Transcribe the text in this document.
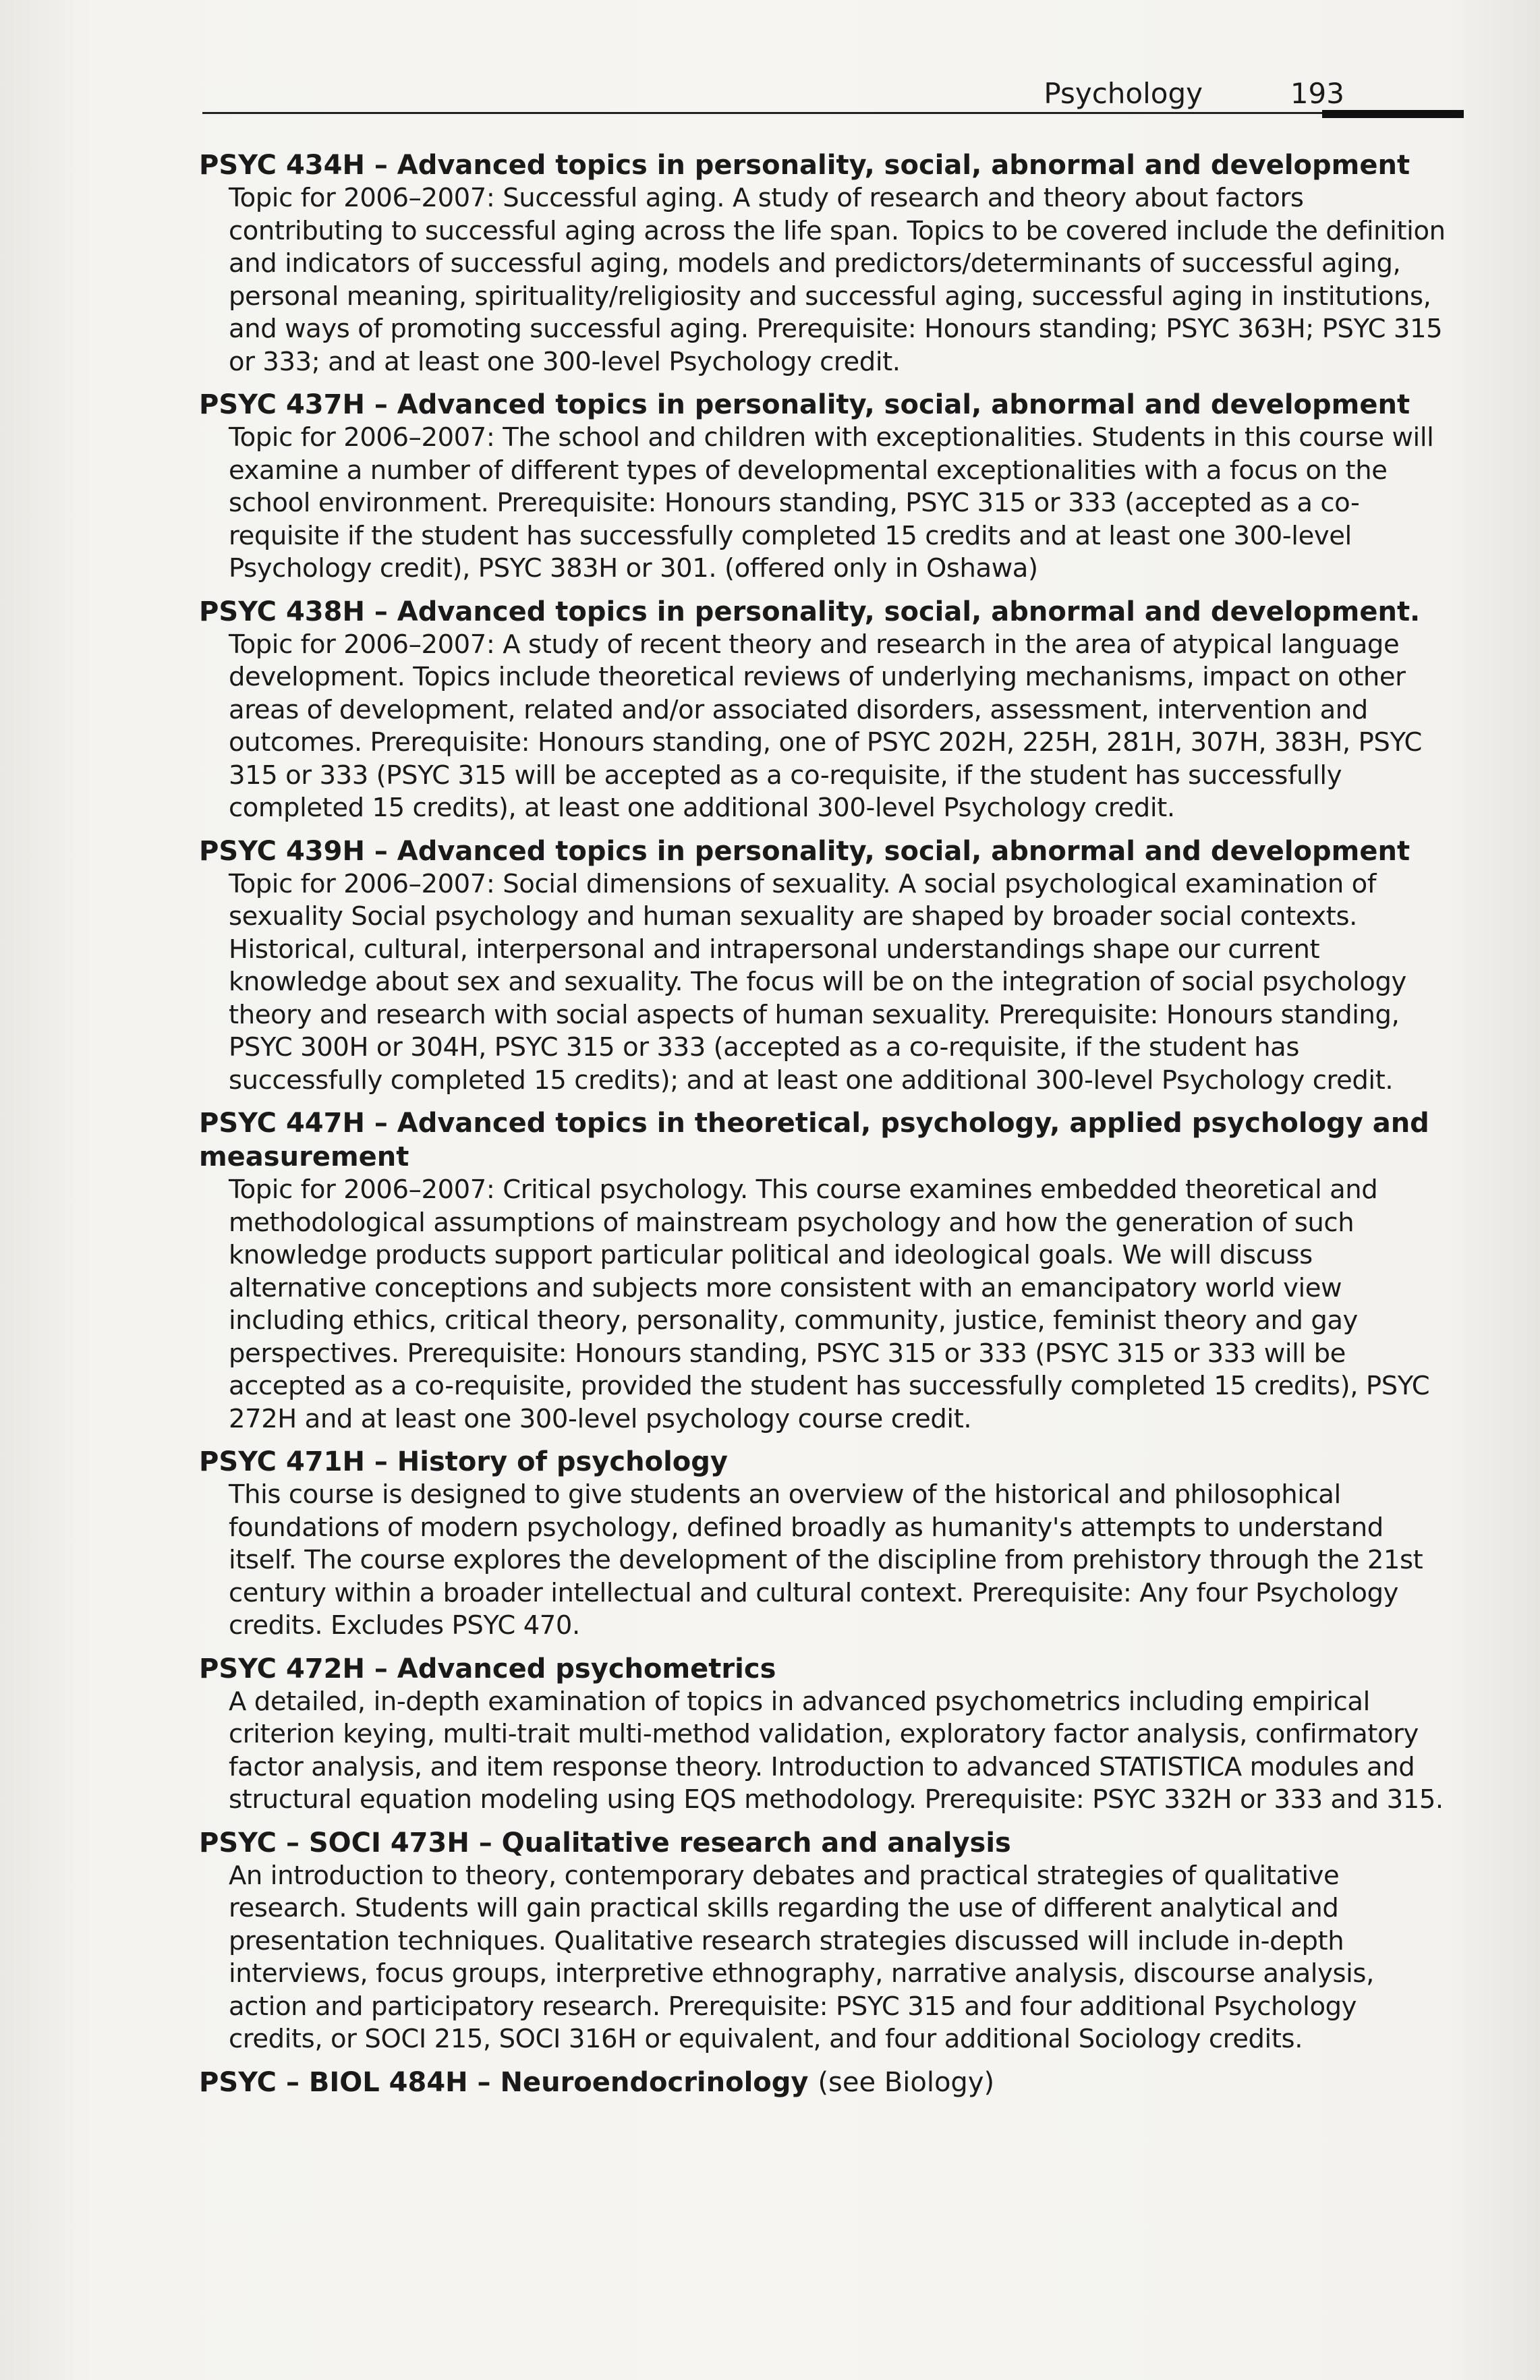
Psychology	193
PSYC 434H – Advanced topics in personality, social, abnormal and development
Topic for 2006–2007: Successful aging. A study of research and theory about factors contributing to successful aging across the life span. Topics to be covered include the definition and indicators of successful aging, models and predictors/determinants of successful aging, personal meaning, spirituality/religiosity and successful aging, successful aging in institutions, and ways of promoting successful aging. Prerequisite: Honours standing; PSYC 363H; PSYC 315 or 333; and at least one 300-level Psychology credit.
PSYC 437H – Advanced topics in personality, social, abnormal and development
Topic for 2006–2007: The school and children with exceptionalities. Students in this course will examine a number of different types of developmental exceptionalities with a focus on the school environment. Prerequisite: Honours standing, PSYC 315 or 333 (accepted as a co-requisite if the student has successfully completed 15 credits and at least one 300-level Psychology credit), PSYC 383H or 301. (offered only in Oshawa)
PSYC 438H – Advanced topics in personality, social, abnormal and development.
Topic for 2006–2007: A study of recent theory and research in the area of atypical language development. Topics include theoretical reviews of underlying mechanisms, impact on other areas of development, related and/or associated disorders, assessment, intervention and outcomes. Prerequisite: Honours standing, one of PSYC 202H, 225H, 281H, 307H, 383H, PSYC 315 or 333 (PSYC 315 will be accepted as a co-requisite, if the student has successfully completed 15 credits), at least one additional 300-level Psychology credit.
PSYC 439H – Advanced topics in personality, social, abnormal and development
Topic for 2006–2007: Social dimensions of sexuality. A social psychological examination of sexuality Social psychology and human sexuality are shaped by broader social contexts. Historical, cultural, interpersonal and intrapersonal understandings shape our current knowledge about sex and sexuality. The focus will be on the integration of social psychology theory and research with social aspects of human sexuality. Prerequisite: Honours standing, PSYC 300H or 304H, PSYC 315 or 333 (accepted as a co-requisite, if the student has successfully completed 15 credits); and at least one additional 300-level Psychology credit.
PSYC 447H – Advanced topics in theoretical, psychology, applied psychology and measurement
Topic for 2006–2007: Critical psychology. This course examines embedded theoretical and methodological assumptions of mainstream psychology and how the generation of such knowledge products support particular political and ideological goals. We will discuss alternative conceptions and subjects more consistent with an emancipatory world view including ethics, critical theory, personality, community, justice, feminist theory and gay perspectives. Prerequisite: Honours standing, PSYC 315 or 333 (PSYC 315 or 333 will be accepted as a co-requisite, provided the student has successfully completed 15 credits), PSYC 272H and at least one 300-level psychology course credit.
PSYC 471H – History of psychology
This course is designed to give students an overview of the historical and philosophical foundations of modern psychology, defined broadly as humanity's attempts to understand itself. The course explores the development of the discipline from prehistory through the 21st century within a broader intellectual and cultural context. Prerequisite: Any four Psychology credits. Excludes PSYC 470.
PSYC 472H – Advanced psychometrics
A detailed, in-depth examination of topics in advanced psychometrics including empirical criterion keying, multi-trait multi-method validation, exploratory factor analysis, confirmatory factor analysis, and item response theory. Introduction to advanced STATISTICA modules and structural equation modeling using EQS methodology. Prerequisite: PSYC 332H or 333 and 315.
PSYC – SOCI 473H – Qualitative research and analysis
An introduction to theory, contemporary debates and practical strategies of qualitative research. Students will gain practical skills regarding the use of different analytical and presentation techniques. Qualitative research strategies discussed will include in-depth interviews, focus groups, interpretive ethnography, narrative analysis, discourse analysis, action and participatory research. Prerequisite: PSYC 315 and four additional Psychology credits, or SOCI 215, SOCI 316H or equivalent, and four additional Sociology credits.
PSYC – BIOL 484H – Neuroendocrinology (see Biology)
